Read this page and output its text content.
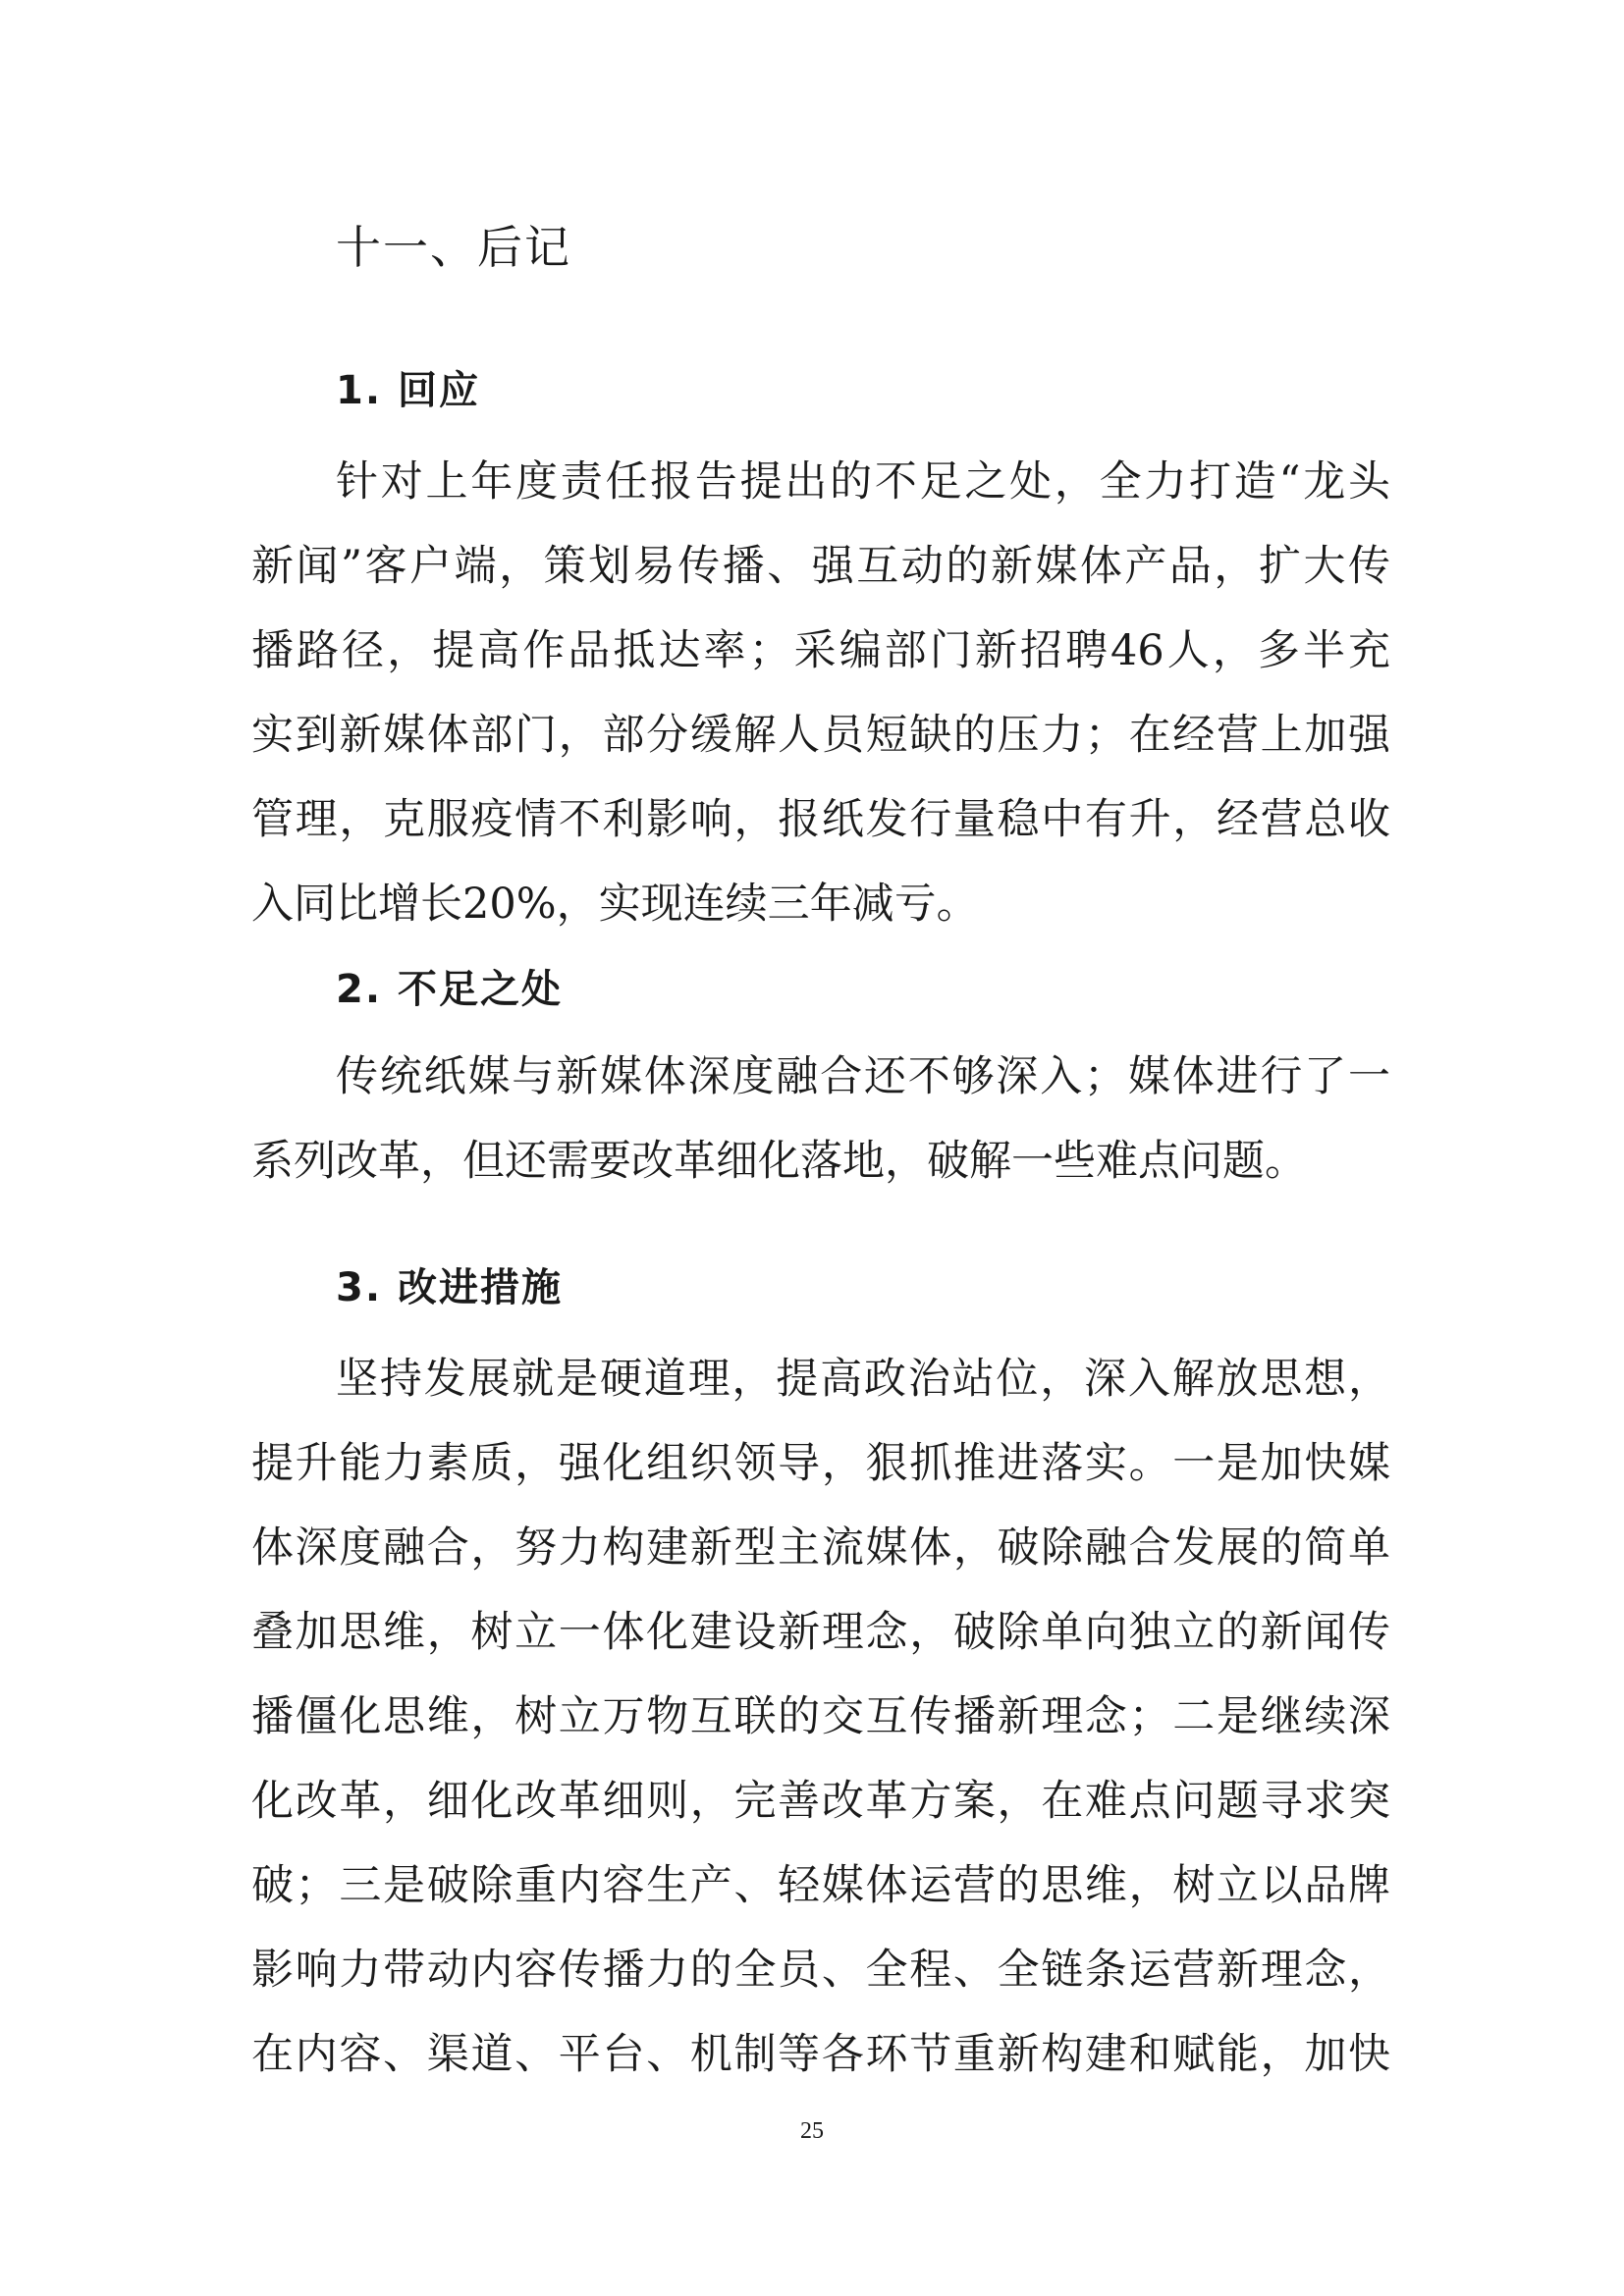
十一、后记
1. 回应
针对上年度责任报告提出的不足之处，全力打造“龙头
新闻”客户端，策划易传播、强互动的新媒体产品，扩大传
播路径，提高作品抵达率；采编部门新招聘46人，多半充
实到新媒体部门，部分缓解人员短缺的压力；在经营上加强
管理，克服疫情不利影响，报纸发行量稳中有升，经营总收
入同比增长20%，实现连续三年减亏。
2. 不足之处
传统纸媒与新媒体深度融合还不够深入；媒体进行了一
系列改革，但还需要改革细化落地，破解一些难点问题。
3. 改进措施
坚持发展就是硬道理，提高政治站位，深入解放思想，
提升能力素质，强化组织领导，狠抓推进落实。一是加快媒
体深度融合，努力构建新型主流媒体，破除融合发展的简单
叠加思维，树立一体化建设新理念，破除单向独立的新闻传
播僵化思维，树立万物互联的交互传播新理念；二是继续深
化改革，细化改革细则，完善改革方案，在难点问题寻求突
破；三是破除重内容生产、轻媒体运营的思维，树立以品牌
影响力带动内容传播力的全员、全程、全链条运营新理念，
在内容、渠道、平台、机制等各环节重新构建和赋能，加快
25
